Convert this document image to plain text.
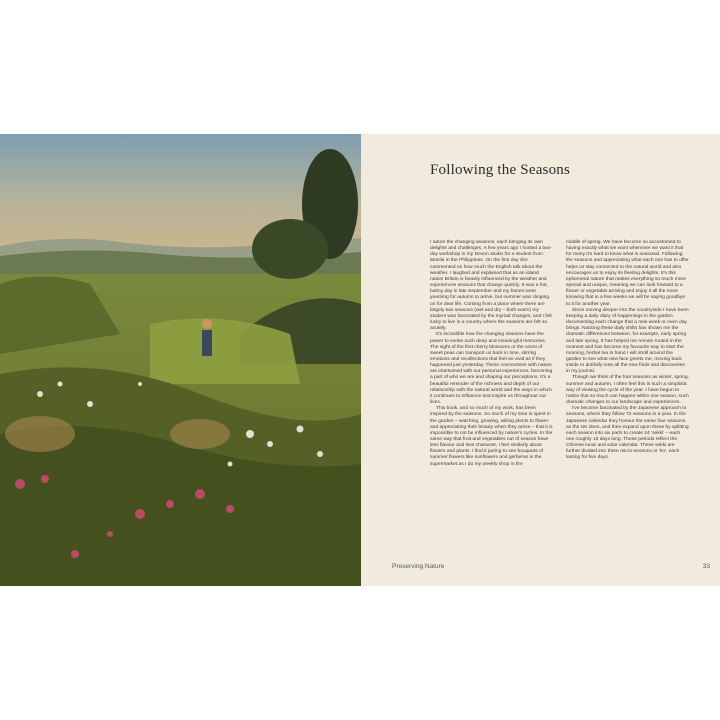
Following the Seasons

I adore the changing seasons, each bringing its own delights and challenges. A few years ago I hosted a two-day workshop in my Devon studio for a student from Manila in the Philippines. On the first day she commented on how much the English talk about the weather. I laughed and explained that as an island nation Britain is heavily influenced by the weather and experiences seasons that change quickly. It was a hot, balmy day in late September and my bones were yearning for autumn to arrive, but summer was clinging on for dear life. Coming from a place where there are largely two seasons (wet and dry – both warm) my student was fascinated by the myriad changes, and I felt lucky to live in a country where the seasons are felt so acutely.

It's incredible how the changing seasons have the power to evoke such deep and meaningful memories. The sight of the first cherry blossoms or the scent of sweet peas can transport us back in time, stirring emotions and recollections that feel as vivid as if they happened just yesterday. These connections with nature are intertwined with our personal experiences, becoming a part of who we are and shaping our perceptions. It's a beautiful reminder of the richness and depth of our relationship with the natural world and the ways in which it continues to influence and inspire us throughout our lives.

This book, and so much of my work, has been inspired by the seasons. So much of my time is spent in the garden – watching, growing, willing plants to flower and appreciating their beauty when they arrive – that it is impossible to not be influenced by nature's cycles. In the same way that fruit and vegetables out of season have less flavour and less character, I feel similarly about flowers and plants. I find it jarring to see bouquets of summer flowers like sunflowers and gerberas in the supermarket as I do my weekly shop in the

middle of spring. We have become so accustomed to having exactly what we want whenever we want it that for many it's hard to know what is seasonal. Following the seasons and appreciating what each one has to offer helps us stay connected to the natural world and also encourages us to enjoy its fleeting delights. It's this ephemeral nature that makes everything so much more special and unique, meaning we can look forward to a flower or vegetable arriving and enjoy it all the more knowing that in a few weeks we will be saying goodbye to it for another year.

Since moving deeper into the countryside I have been keeping a daily diary of happenings in the garden, documenting each change that a new week or even day brings. Noticing these daily shifts has shown me the dramatic differences between, for example, early spring and late spring. It has helped me remain rooted in the moment and has become my favourite way to start the morning, herbal tea in hand I will stroll around the garden to see what new face greets me, moving back inside to dutifully note all the new finds and discoveries in my journal.

Though we think of the four seasons as winter, spring, summer and autumn, I often feel this is such a simplistic way of viewing the cycle of the year. I have begun to notice that so much can happen within one season, such dramatic changes to our landscape and experiences.

I've become fascinated by the Japanese approach to seasons, where they follow 72 seasons in a year. In the Japanese calendar they honour the same four seasons as the UK does, and then expand upon these by splitting each season into six parts to create 24 'sekki' – each one roughly 15 days long. These periods reflect the Chinese lunar and solar calendar. These sekki are further divided into three micro-seasons or 'ko', each lasting for five days.

Preserving Nature	33
